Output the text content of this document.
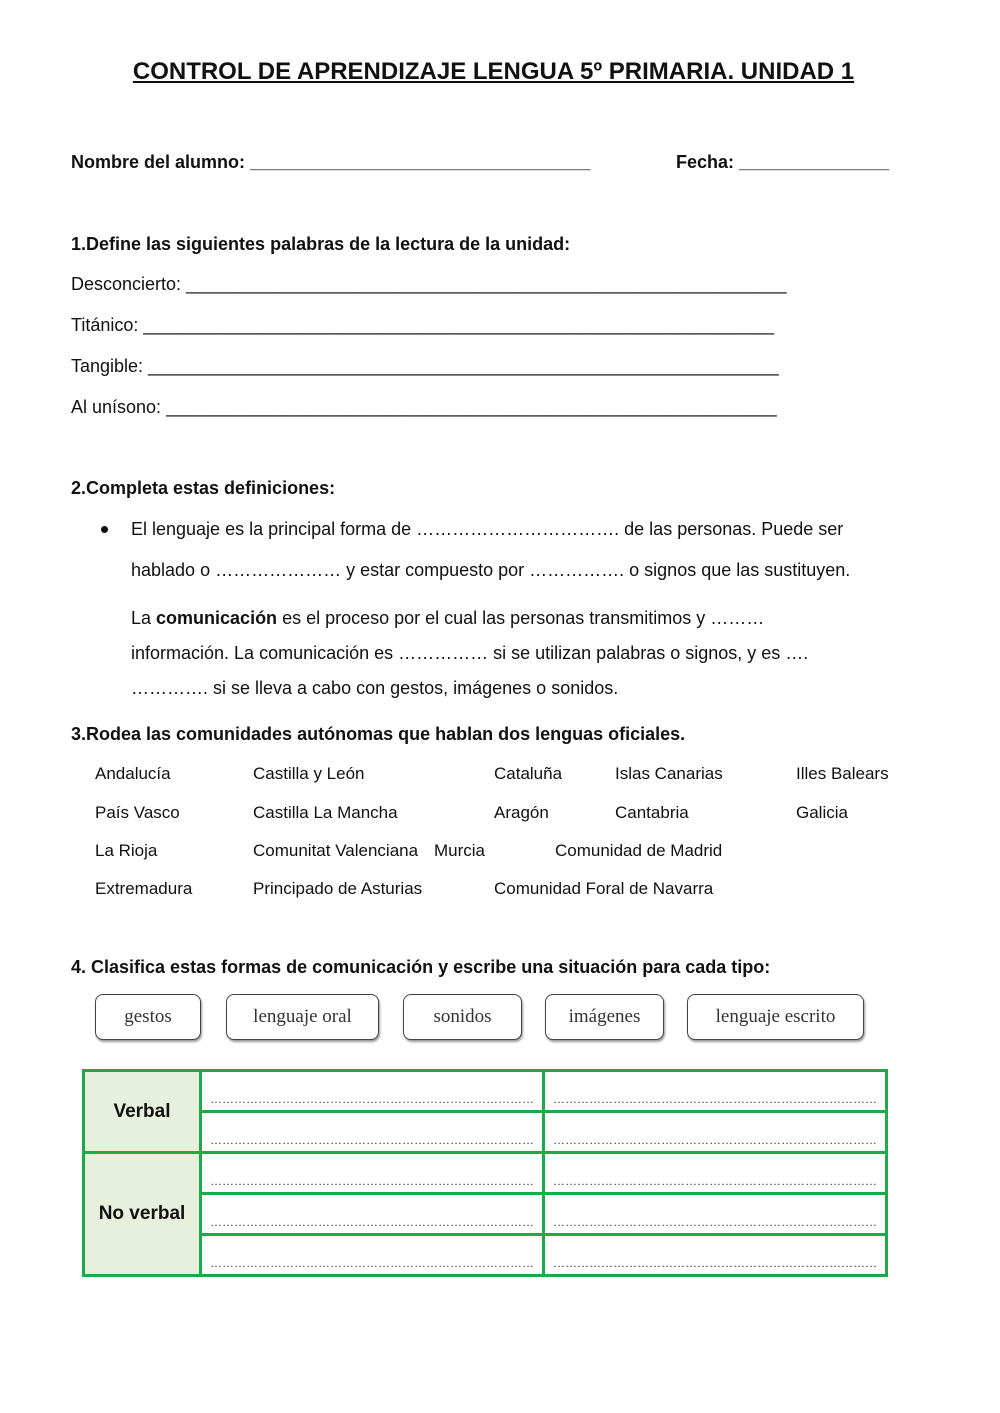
CONTROL DE APRENDIZAJE LENGUA 5º PRIMARIA. UNIDAD 1
Nombre del alumno: __________________________________	Fecha: _______________
1.Define las siguientes palabras de la lectura de la unidad:
Desconcierto: ____________________________________________________________
Titánico: _______________________________________________________________
Tangible: _______________________________________________________________
Al unísono: _____________________________________________________________
2.Completa estas definiciones:
El lenguaje es la principal forma de ……………………………. de las personas. Puede ser
hablado o ………………… y estar compuesto por ……………. o signos que las sustituyen.
La comunicación es el proceso por el cual las personas transmitimos y ………
información. La comunicación es …………… si se utilizan palabras o signos, y es ….
…………. si se lleva a cabo con gestos, imágenes o sonidos.
3.Rodea las comunidades autónomas que hablan dos lenguas oficiales.
Andalucía	Castilla y León	Cataluña	Islas Canarias	Illes Balears
País Vasco	Castilla La Mancha	Aragón	Cantabria	Galicia
La Rioja	Comunitat Valenciana Murcia	Comunidad de Madrid
Extremadura	Principado de Asturias	Comunidad Foral de Navarra
4. Clasifica estas formas de comunicación y escribe una situación para cada tipo:
gestos	lenguaje oral	sonidos	imágenes	lenguaje escrito
Verbal	………………………………………………………………………	………………………………………………………………………
	………………………………………………………………………	………………………………………………………………………
No verbal	………………………………………………………………………	………………………………………………………………………
	………………………………………………………………………	………………………………………………………………………
	………………………………………………………………………	………………………………………………………………………
